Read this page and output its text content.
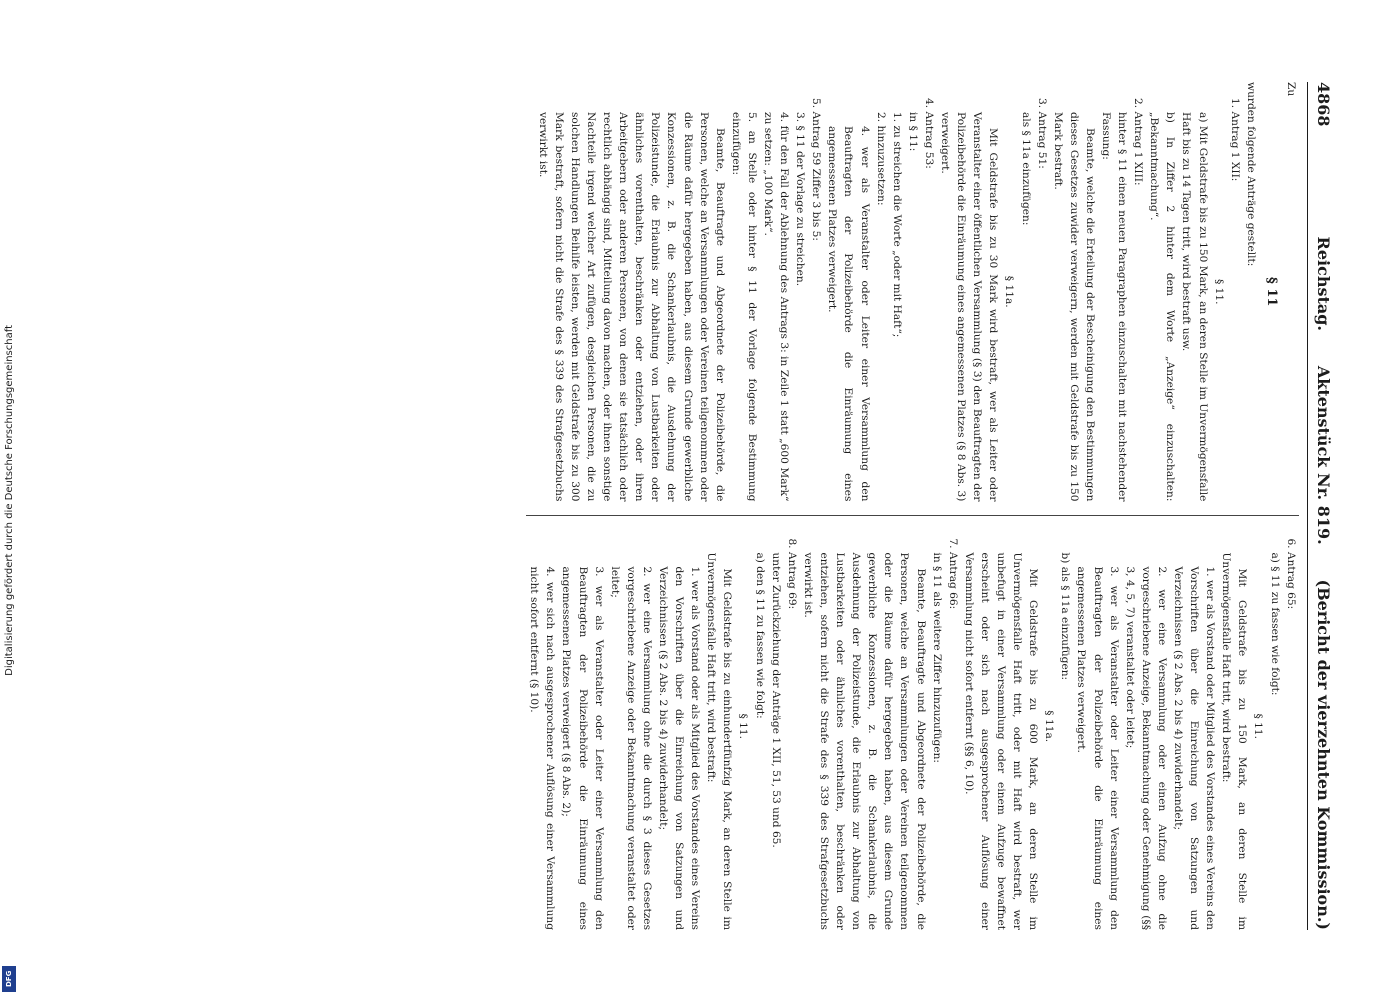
4868
Reichstag.
Aktenstück Nr. 819.
(Bericht der vierzehnten Kommission.)

Zu

§ 11

wurden folgende Anträge gestellt:

1. Antrag 1 XII:

§ 11.

a) Mit Geldstrafe bis zu 150 Mark, an deren Stelle im Unvermögensfalle Haft bis zu 14 Tagen tritt, wird bestraft usw.

b) In Ziffer 2 hinter dem Worte „Anzeige“ einzuschalten: „Bekanntmachung“.

2. Antrag 1 XIII:

hinter § 11 einen neuen Paragraphen einzuschalten mit nachstehender Fassung:

Beamte, welche die Erteilung der Bescheinigung den Bestimmungen dieses Gesetzes zuwider verweigern, werden mit Geldstrafe bis zu 150 Mark bestraft.

3. Antrag 51:

als § 11a einzufügen:

§ 11a.

Mit Geldstrafe bis zu 30 Mark wird bestraft, wer als Leiter oder Veranstalter einer öffentlichen Versammlung (§ 3) den Beauftragten der Polizeibehörde die Einräumung eines angemessenen Platzes (§ 8 Abs. 3) verweigert.

4. Antrag 53:

in § 11:

1. zu streichen die Worte „oder mit Haft“;

2. hinzuzusetzen:

4. wer als Veranstalter oder Leiter einer Versammlung den Beauftragten der Polizeibehörde die Einräumung eines angemessenen Platzes verweigert.

5. Antrag 59 Ziffer 3 bis 5:

3. § 11 der Vorlage zu streichen.

4. für den Fall der Ablehnung des Antrags 3: in Zeile 1 statt „600 Mark“ zu setzen: „100 Mark“.

5. an Stelle oder hinter § 11 der Vorlage folgende Bestimmung einzufügen:

Beamte, Beauftragte und Abgeordnete der Polizeibehörde, die Personen, welche an Versammlungen oder Vereinen teilgenommen oder die Räume dafür hergegeben haben, aus diesem Grunde gewerbliche Konzessionen, z. B. die Schankerlaubnis, die Ausdehnung der Polizeistunde, die Erlaubnis zur Abhaltung von Lustbarkeiten oder ähnliches vorenthalten, beschränken oder entziehen, oder ihren Arbeitgebern oder anderen Personen, von denen sie tatsächlich oder rechtlich abhängig sind, Mitteilung davon machen, oder ihnen sonstige Nachteile irgend welcher Art zufügen, desgleichen Personen, die zu solchen Handlungen Beihilfe leisten, werden mit Geldstrafe bis zu 300 Mark bestraft, sofern nicht die Strafe des § 339 des Strafgesetzbuchs verwirkt ist.

6. Antrag 65:

a) § 11 zu fassen wie folgt:

§ 11.

Mit Geldstrafe bis zu 150 Mark, an deren Stelle im Unvermögensfalle Haft tritt, wird bestraft:

1. wer als Vorstand oder Mitglied des Vorstandes eines Vereins den Vorschriften über die Einreichung von Satzungen und Verzeichnissen (§ 2 Abs. 2 bis 4) zuwiderhandelt;

2. wer eine Versammlung oder einen Aufzug ohne die vorgeschriebene Anzeige, Bekanntmachung oder Genehmigung (§§ 3, 4, 5, 7) veranstaltet oder leitet;

3. wer als Veranstalter oder Leiter einer Versammlung den Beauftragten der Polizeibehörde die Einräumung eines angemessenen Platzes verweigert.

b) als § 11a einzufügen:

§ 11a.

Mit Geldstrafe bis zu 600 Mark, an deren Stelle im Unvermögensfalle Haft tritt, oder mit Haft wird bestraft, wer unbefugt in einer Versammlung oder einem Aufzuge bewaffnet erscheint oder sich nach ausgesprochener Auflösung einer Versammlung nicht sofort entfernt (§§ 6, 10).

7. Antrag 66:

in § 11 als weitere Ziffer hinzuzufügen:

Beamte, Beauftragte und Abgeordnete der Polizeibehörde, die Personen, welche an Versammlungen oder Vereinen teilgenommen oder die Räume dafür hergegeben haben, aus diesem Grunde gewerbliche Konzessionen, z. B. die Schankerlaubnis, die Ausdehnung der Polizeistunde, die Erlaubnis zur Abhaltung von Lustbarkeiten oder ähnliches vorenthalten, beschränken oder entziehen, sofern nicht die Strafe des § 339 des Strafgesetzbuchs verwirkt ist.

8. Antrag 69:

unter Zurückziehung der Anträge 1 XII, 51, 53 und 65.

a) den § 11 zu fassen wie folgt:

§ 11.

Mit Geldstrafe bis zu einhundertfünfzig Mark, an deren Stelle im Unvermögensfalle Haft tritt, wird bestraft:

1. wer als Vorstand oder als Mitglied des Vorstandes eines Vereins den Vorschriften über die Einreichung von Satzungen und Verzeichnissen (§ 2 Abs. 2 bis 4) zuwiderhandelt;

2. wer eine Versammlung ohne die durch § 3 dieses Gesetzes vorgeschriebene Anzeige oder Bekanntmachung veranstaltet oder leitet;

3. wer als Veranstalter oder Leiter einer Versammlung den Beauftragten der Polizeibehörde die Einräumung eines angemessenen Platzes verweigert (§ 8 Abs. 2);

4. wer sich nach ausgesprochener Auflösung einer Versammlung nicht sofort entfernt (§ 10).

Digitalisierung gefördert durch die Deutsche Forschungsgemeinschaft
DFG
